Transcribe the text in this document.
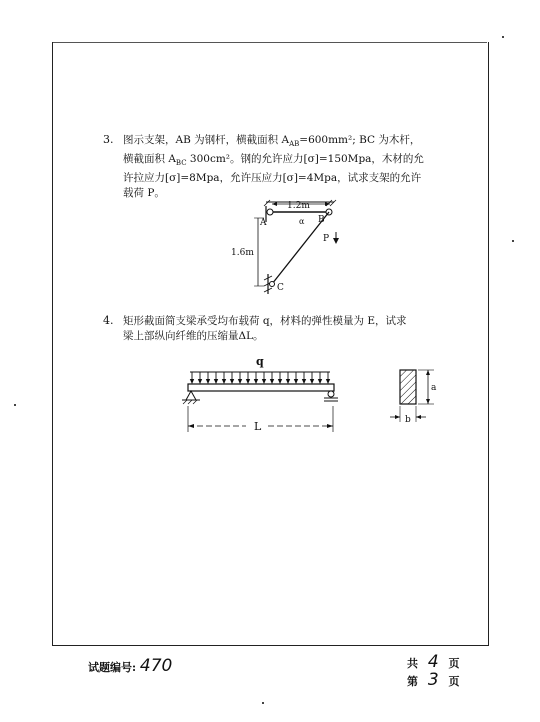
3. 图示支架，AB 为钢杆，横截面积 $A_{AB}=600mm^2$; BC 为木杆，
横截面积 $A_{BC}$ 300cm²。钢的允许应力[σ]=150Mpa，木材的允
许拉应力[σ]=8Mpa，允许压应力[σ]=4Mpa，试求支架的允许
载荷 P。
1.2m
A	B
α
P
1.6m
C
4. 矩形截面简支梁承受均布载荷 q，材料的弹性模量为 E，试求
梁上部纵向纤维的压缩量ΔL。
q
L
a
b
试题编号: 470	共 4 页
第 3 页
